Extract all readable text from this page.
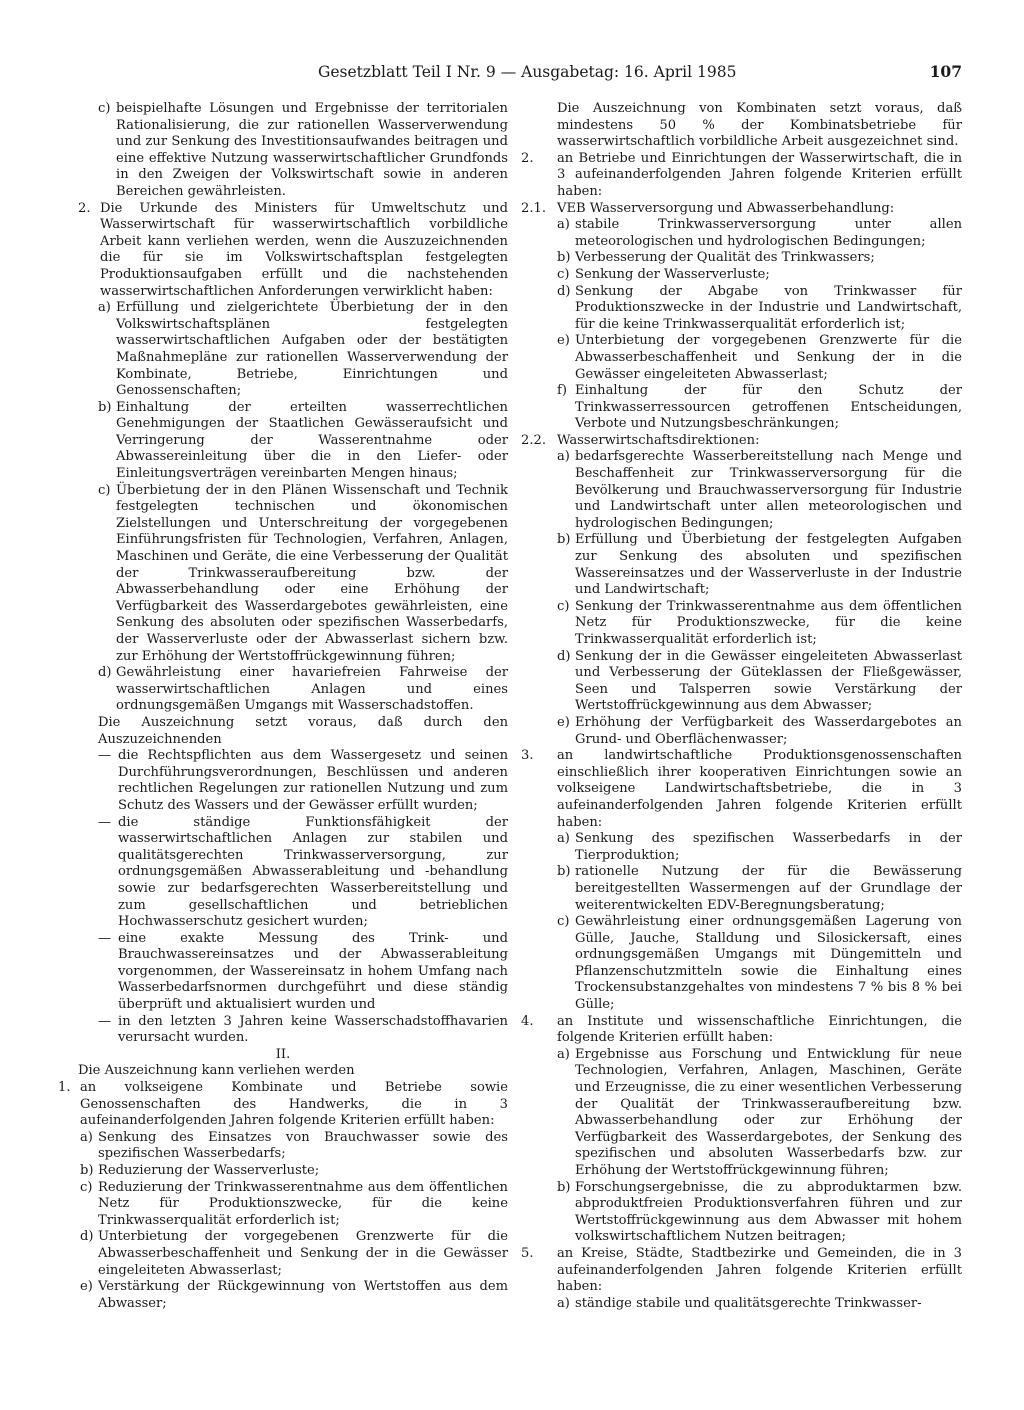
Gesetzblatt Teil I Nr. 9 — Ausgabetag: 16. April 1985	107
c) beispielhafte Lösungen und Ergebnisse der territorialen Rationalisierung, die zur rationellen Wasserverwendung und zur Senkung des Investitionsaufwandes beitragen und eine effektive Nutzung wasserwirtschaftlicher Grundfonds in den Zweigen der Volkswirtschaft sowie in anderen Bereichen gewährleisten.
2. Die Urkunde des Ministers für Umweltschutz und Wasserwirtschaft für wasserwirtschaftlich vorbildliche Arbeit kann verliehen werden, wenn die Auszuzeichnenden die für sie im Volkswirtschaftsplan festgelegten Produktionsaufgaben erfüllt und die nachstehenden wasserwirtschaftlichen Anforderungen verwirklicht haben:
a) Erfüllung und zielgerichtete Überbietung der in den Volkswirtschaftsplänen festgelegten wasserwirtschaftlichen Aufgaben oder der bestätigten Maßnahmepläne zur rationellen Wasserverwendung der Kombinate, Betriebe, Einrichtungen und Genossenschaften;
b) Einhaltung der erteilten wasserrechtlichen Genehmigungen der Staatlichen Gewässeraufsicht und Verringerung der Wasserentnahme oder Abwassereinleitung über die in den Liefer- oder Einleitungsverträgen vereinbarten Mengen hinaus;
c) Überbietung der in den Plänen Wissenschaft und Technik festgelegten technischen und ökonomischen Zielstellungen und Unterschreitung der vorgegebenen Einführungsfristen für Technologien, Verfahren, Anlagen, Maschinen und Geräte, die eine Verbesserung der Qualität der Trinkwasseraufbereitung bzw. der Abwasserbehandlung oder eine Erhöhung der Verfügbarkeit des Wasserdargebotes gewährleisten, eine Senkung des absoluten oder spezifischen Wasserbedarfs, der Wasserverluste oder der Abwasserlast sichern bzw. zur Erhöhung der Wertstoffrückgewinnung führen;
d) Gewährleistung einer havariefreien Fahrweise der wasserwirtschaftlichen Anlagen und eines ordnungsgemäßen Umgangs mit Wasserschadstoffen.

Die Auszeichnung setzt voraus, daß durch den Auszuzeichnenden

— die Rechtspflichten aus dem Wassergesetz und seinen Durchführungsverordnungen, Beschlüssen und anderen rechtlichen Regelungen zur rationellen Nutzung und zum Schutz des Wassers und der Gewässer erfüllt wurden;
— die ständige Funktionsfähigkeit der wasserwirtschaftlichen Anlagen zur stabilen und qualitätsgerechten Trinkwasserversorgung, zur ordnungsgemäßen Abwasserableitung und -behandlung sowie zur bedarfsgerechten Wasserbereitstellung und zum gesellschaftlichen und betrieblichen Hochwasserschutz gesichert wurden;
— eine exakte Messung des Trink- und Brauchwassereinsatzes und der Abwasserableitung vorgenommen, der Wassereinsatz in hohem Umfang nach Wasserbedarfsnormen durchgeführt und diese ständig überprüft und aktualisiert wurden und
— in den letzten 3 Jahren keine Wasserschadstoffhavarien verursacht wurden.

II.

Die Auszeichnung kann verliehen werden

1. an volkseigene Kombinate und Betriebe sowie Genossenschaften des Handwerks, die in 3 aufeinanderfolgenden Jahren folgende Kriterien erfüllt haben:
a) Senkung des Einsatzes von Brauchwasser sowie des spezifischen Wasserbedarfs;
b) Reduzierung der Wasserverluste;
c) Reduzierung der Trinkwasserentnahme aus dem öffentlichen Netz für Produktionszwecke, für die keine Trinkwasserqualität erforderlich ist;
d) Unterbietung der vorgegebenen Grenzwerte für die Abwasserbeschaffenheit und Senkung der in die Gewässer eingeleiteten Abwasserlast;
e) Verstärkung der Rückgewinnung von Wertstoffen aus dem Abwasser;

Die Auszeichnung von Kombinaten setzt voraus, daß mindestens 50 % der Kombinatsbetriebe für wasserwirtschaftlich vorbildliche Arbeit ausgezeichnet sind.

2.	an Betriebe und Einrichtungen der Wasserwirtschaft, die in 3 aufeinanderfolgenden Jahren folgende Kriterien erfüllt haben:
2.1. VEB Wasserversorgung und Abwasserbehandlung:
a) stabile Trinkwasserversorgung unter allen meteorologischen und hydrologischen Bedingungen;
b) Verbesserung der Qualität des Trinkwassers;
c) Senkung der Wasserverluste;
d) Senkung der Abgabe von Trinkwasser für Produktionszwecke in der Industrie und Landwirtschaft, für die keine Trinkwasserqualität erforderlich ist;
e) Unterbietung der vorgegebenen Grenzwerte für die Abwasserbeschaffenheit und Senkung der in die Gewässer eingeleiteten Abwasserlast;
f) Einhaltung der für den Schutz der Trinkwasserressourcen getroffenen Entscheidungen, Verbote und Nutzungsbeschränkungen;
2.2. Wasserwirtschaftsdirektionen:
a) bedarfsgerechte Wasserbereitstellung nach Menge und Beschaffenheit zur Trinkwasserversorgung für die Bevölkerung und Brauchwasserversorgung für Industrie und Landwirtschaft unter allen meteorologischen und hydrologischen Bedingungen;
b) Erfüllung und Überbietung der festgelegten Aufgaben zur Senkung des absoluten und spezifischen Wassereinsatzes und der Wasserverluste in der Industrie und Landwirtschaft;
c) Senkung der Trinkwasserentnahme aus dem öffentlichen Netz für Produktionszwecke, für die keine Trinkwasserqualität erforderlich ist;
d) Senkung der in die Gewässer eingeleiteten Abwasserlast und Verbesserung der Güteklassen der Fließgewässer, Seen und Talsperren sowie Verstärkung der Wertstoffrückgewinnung aus dem Abwasser;
e) Erhöhung der Verfügbarkeit des Wasserdargebotes an Grund- und Oberflächenwasser;
3.	an landwirtschaftliche Produktionsgenossenschaften einschließlich ihrer kooperativen Einrichtungen sowie an volkseigene Landwirtschaftsbetriebe, die in 3 aufeinanderfolgenden Jahren folgende Kriterien erfüllt haben:
a) Senkung des spezifischen Wasserbedarfs in der Tierproduktion;
b) rationelle Nutzung der für die Bewässerung bereitgestellten Wassermengen auf der Grundlage der weiterentwickelten EDV-Beregnungsberatung;
c) Gewährleistung einer ordnungsgemäßen Lagerung von Gülle, Jauche, Stalldung und Silosickersaft, eines ordnungsgemäßen Umgangs mit Düngemitteln und Pflanzenschutzmitteln sowie die Einhaltung eines Trockensubstanzgehaltes von mindestens 7 % bis 8 % bei Gülle;
4.	an Institute und wissenschaftliche Einrichtungen, die folgende Kriterien erfüllt haben:
a) Ergebnisse aus Forschung und Entwicklung für neue Technologien, Verfahren, Anlagen, Maschinen, Geräte und Erzeugnisse, die zu einer wesentlichen Verbesserung der Qualität der Trinkwasseraufbereitung bzw. Abwasserbehandlung oder zur Erhöhung der Verfügbarkeit des Wasserdargebotes, der Senkung des spezifischen und absoluten Wasserbedarfs bzw. zur Erhöhung der Wertstoffrückgewinnung führen;
b) Forschungsergebnisse, die zu abproduktarmen bzw. abproduktfreien Produktionsverfahren führen und zur Wertstoffrückgewinnung aus dem Abwasser mit hohem volkswirtschaftlichem Nutzen beitragen;
5.	an Kreise, Städte, Stadtbezirke und Gemeinden, die in 3 aufeinanderfolgenden Jahren folgende Kriterien erfüllt haben:
a) ständige stabile und qualitätsgerechte Trinkwasser-
